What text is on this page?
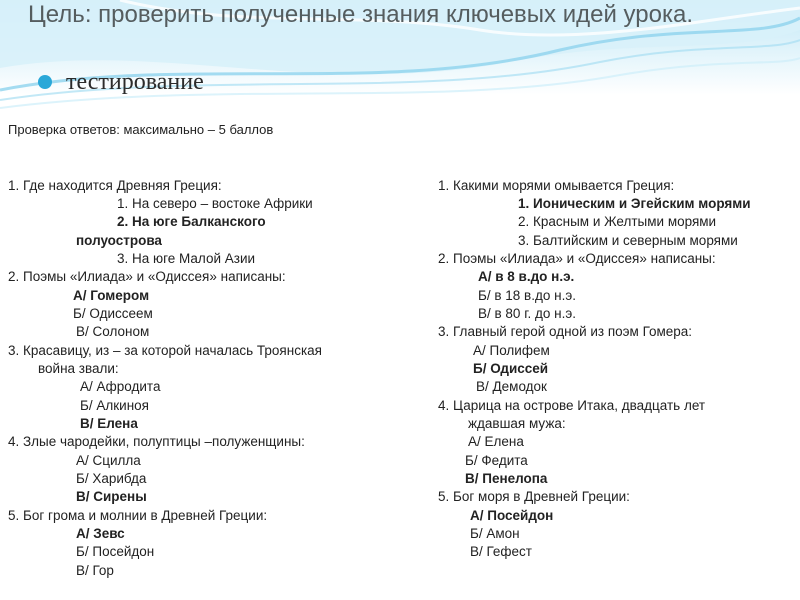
Цель: проверить полученные знания ключевых идей урока.
тестирование
Проверка ответов: максимально – 5 баллов
1. Где находится Древняя Греция:
1. На северо – востоке Африки
2. На юге Балканского
полуострова
3. На юге Малой Азии
2. Поэмы «Илиада» и «Одиссея» написаны:
А/ Гомером
Б/ Одиссеем
В/ Солоном
3. Красавицу, из – за которой началась Троянская
война звали:
А/ Афродита
Б/ Алкиноя
В/ Елена
4. Злые чародейки, полуптицы –полуженщины:
А/ Сцилла
Б/ Харибда
В/ Сирены
5. Бог грома и молнии в Древней Греции:
А/ Зевс
Б/ Посейдон
В/ Гор
1. Какими морями омывается Греция:
1. Ионическим и Эгейским морями
2. Красным и Желтыми морями
3. Балтийским и северным морями
2. Поэмы «Илиада» и «Одиссея» написаны:
А/ в 8 в.до н.э.
Б/ в 18 в.до н.э.
В/ в 80 г. до н.э.
3. Главный герой одной из поэм Гомера:
А/ Полифем
Б/ Одиссей
В/ Демодок
4. Царица на острове Итака, двадцать лет
ждавшая мужа:
А/ Елена
Б/ Федита
В/ Пенелопа
5. Бог моря в Древней Греции:
А/ Посейдон
Б/ Амон
В/ Гефест
